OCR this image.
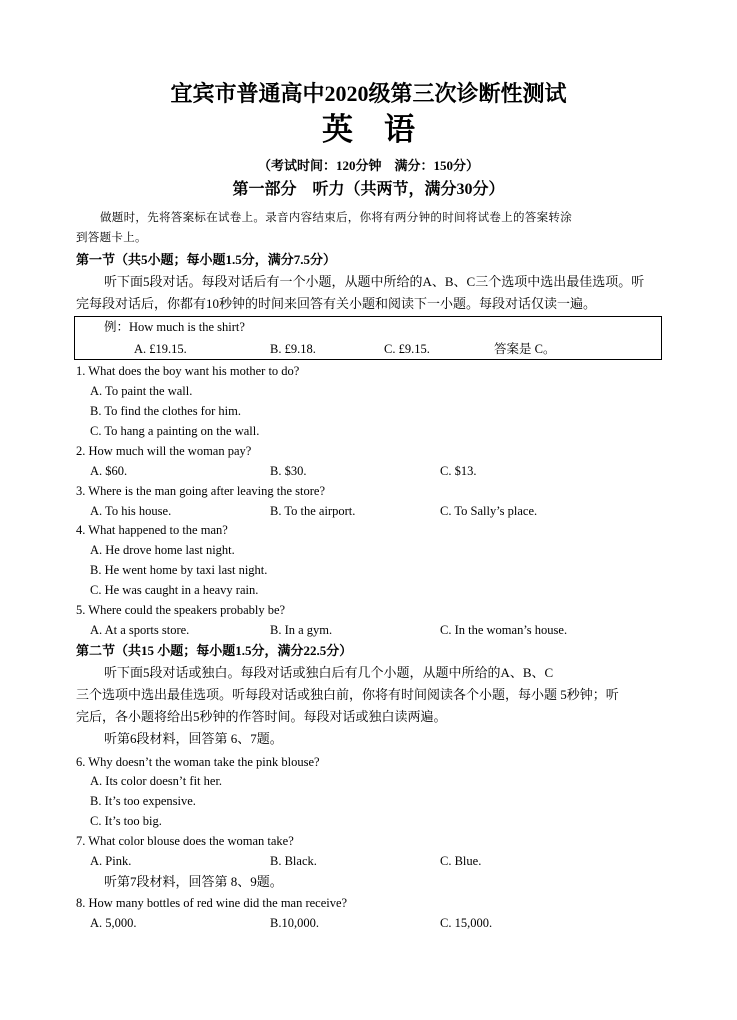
宜宾市普通高中2020级第三次诊断性测试
英　语
（考试时间：120分钟　满分：150分）
第一部分　听力（共两节，满分30分）
做题时，先将答案标在试卷上。录音内容结束后，你将有两分钟的时间将试卷上的答案转涂
到答题卡上。
第一节（共5小题；每小题1.5分，满分7.5分）
听下面5段对话。每段对话后有一个小题，从题中所给的A、B、C三个选项中选出最佳选项。听
完每段对话后，你都有10秒钟的时间来回答有关小题和阅读下一小题。每段对话仅读一遍。
例：How much is the shirt?
A. £19.15.	B. £9.18.	C. £9.15.	答案是 C。
1. What does the boy want his mother to do?
A. To paint the wall.
B. To find the clothes for him.
C. To hang a painting on the wall.
2. How much will the woman pay?
A. $60.	B. $30.	C. $13.
3. Where is the man going after leaving the store?
A. To his house.	B. To the airport.	C. To Sally’s place.
4. What happened to the man?
A. He drove home last night.
B. He went home by taxi last night.
C. He was caught in a heavy rain.
5. Where could the speakers probably be?
A. At a sports store.	B. In a gym.	C. In the woman’s house.
第二节（共15 小题；每小题1.5分，满分22.5分）
听下面5段对话或独白。每段对话或独白后有几个小题，从题中所给的A、B、C
三个选项中选出最佳选项。听每段对话或独白前，你将有时间阅读各个小题，每小题 5秒钟；听
完后，各小题将给出5秒钟的作答时间。每段对话或独白读两遍。
听第6段材料，回答第 6、7题。
6. Why doesn’t the woman take the pink blouse?
A. Its color doesn’t fit her.
B. It’s too expensive.
C. It’s too big.
7. What color blouse does the woman take?
A. Pink.	B. Black.	C. Blue.
听第7段材料，回答第 8、9题。
8. How many bottles of red wine did the man receive?
A. 5,000.	B.10,000.	C. 15,000.
